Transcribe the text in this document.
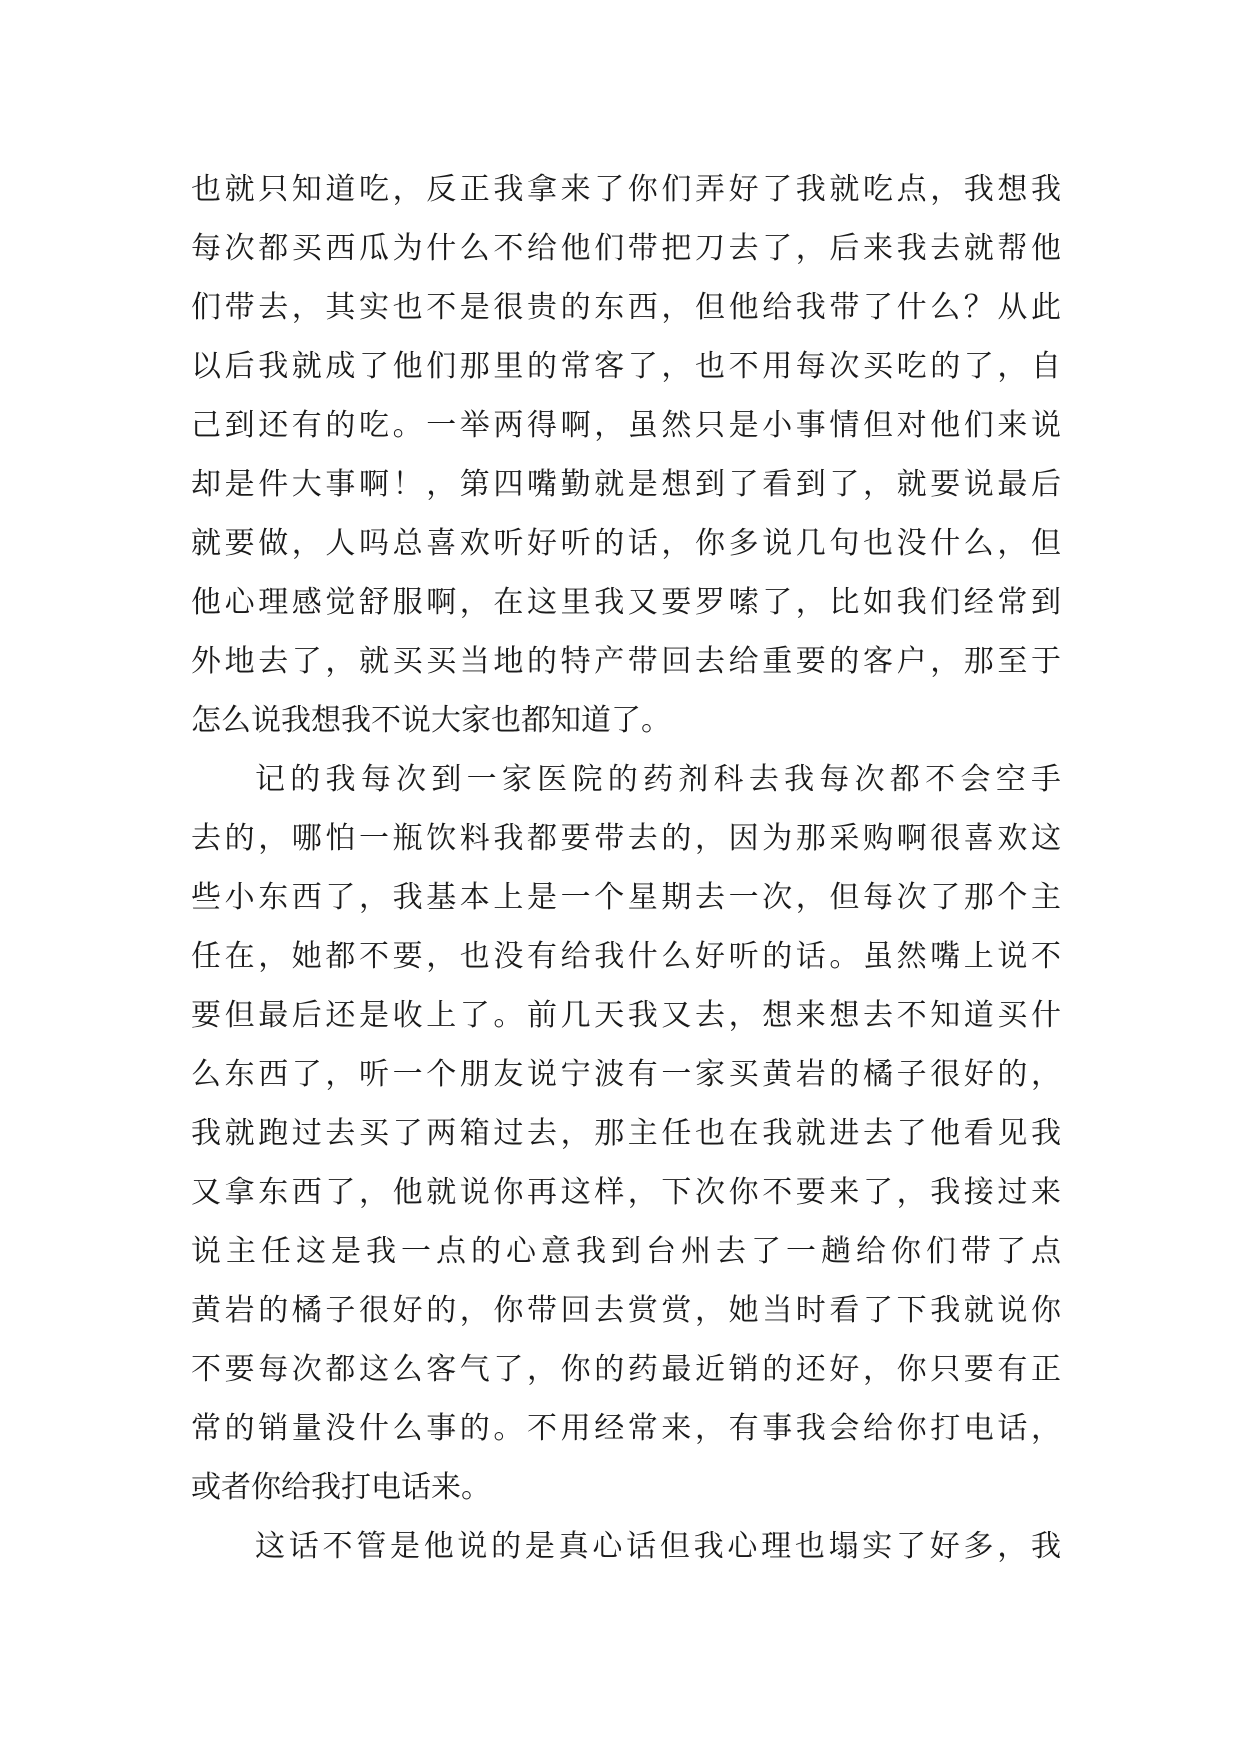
也就只知道吃，反正我拿来了你们弄好了我就吃点，我想我
每次都买西瓜为什么不给他们带把刀去了，后来我去就帮他
们带去，其实也不是很贵的东西，但他给我带了什么？从此
以后我就成了他们那里的常客了，也不用每次买吃的了，自
己到还有的吃。一举两得啊，虽然只是小事情但对他们来说
却是件大事啊！，第四嘴勤就是想到了看到了，就要说最后
就要做，人吗总喜欢听好听的话，你多说几句也没什么，但
他心理感觉舒服啊，在这里我又要罗嗦了，比如我们经常到
外地去了，就买买当地的特产带回去给重要的客户，那至于
怎么说我想我不说大家也都知道了。
记的我每次到一家医院的药剂科去我每次都不会空手
去的，哪怕一瓶饮料我都要带去的，因为那采购啊很喜欢这
些小东西了，我基本上是一个星期去一次，但每次了那个主
任在，她都不要，也没有给我什么好听的话。虽然嘴上说不
要但最后还是收上了。前几天我又去，想来想去不知道买什
么东西了，听一个朋友说宁波有一家买黄岩的橘子很好的，
我就跑过去买了两箱过去，那主任也在我就进去了他看见我
又拿东西了，他就说你再这样，下次你不要来了，我接过来
说主任这是我一点的心意我到台州去了一趟给你们带了点
黄岩的橘子很好的，你带回去赏赏，她当时看了下我就说你
不要每次都这么客气了，你的药最近销的还好，你只要有正
常的销量没什么事的。不用经常来，有事我会给你打电话，
或者你给我打电话来。
这话不管是他说的是真心话但我心理也塌实了好多，我
